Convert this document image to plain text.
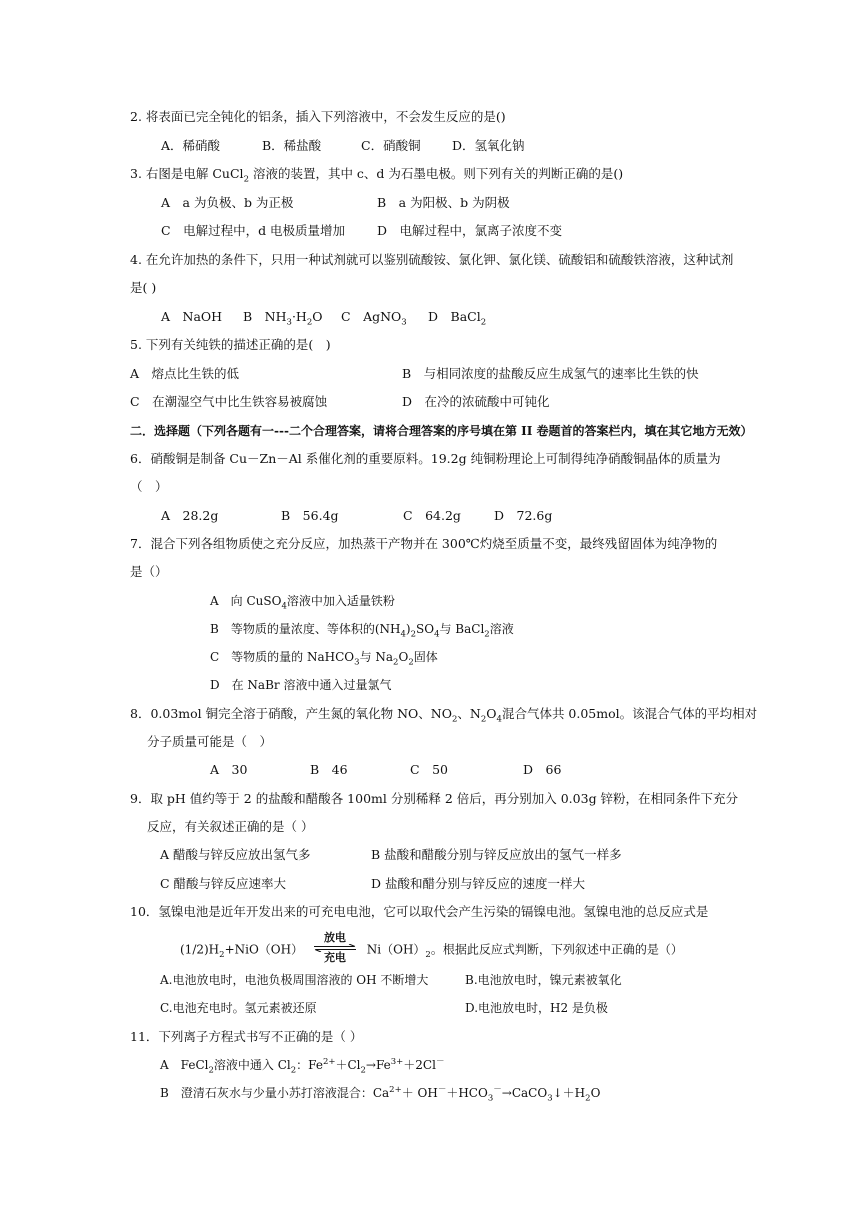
2. 将表面已完全钝化的铝条，插入下列溶液中，不会发生反应的是()
A．稀硝酸	B．稀盐酸	C．硝酸铜	D．氢氧化钠
3. 右图是电解 CuCl$_2$ 溶液的装置，其中 c、d 为石墨电极。则下列有关的判断正确的是()
A　a 为负极、b 为正极	B　a 为阳极、b 为阴极
C　电解过程中，d 电极质量增加	D　电解过程中，氯离子浓度不变
4. 在允许加热的条件下，只用一种试剂就可以鉴别硫酸铵、氯化钾、氯化镁、硫酸铝和硫酸铁溶液，这种试剂
是( )
A　NaOH B　$NH_3\cdot H_2O$ C　AgNO$_3$ D　BaCl$_2$
5. 下列有关纯铁的描述正确的是(　)
A　熔点比生铁的低	B　与相同浓度的盐酸反应生成氢气的速率比生铁的快
C　在潮湿空气中比生铁容易被腐蚀	D　在冷的浓硫酸中可钝化
二．选择题（下列各题有一---二个合理答案，请将合理答案的序号填在第 II 卷题首的答案栏内，填在其它地方无效）
6．硝酸铜是制备 Cu－Zn－Al 系催化剂的重要原料。19.2g 纯铜粉理论上可制得纯净硝酸铜晶体的质量为
（　）
A　28.2g	B　56.4g	C　64.2g	D　72.6g
7．混合下列各组物质使之充分反应，加热蒸干产物并在 300℃灼烧至质量不变，最终残留固体为纯净物的
是（）
A　向 CuSO$_4$溶液中加入适量铁粉
B　等物质的量浓度、等体积的$(NH_4)_2SO_4$与 BaCl$_2$溶液
C　等物质的量的 NaHCO$_3$与 $Na_2O_2$固体
D　在 NaBr 溶液中通入过量氯气
8．0.03mol 铜完全溶于硝酸，产生氮的氧化物 NO、$NO_2$、$N_2O_4$混合气体共 0.05mol。该混合气体的平均相对
分子质量可能是（　）
A　30	B　46	C　50	D　66
9．取 pH 值约等于 2 的盐酸和醋酸各 100ml 分别稀释 2 倍后，再分别加入 0.03g 锌粉，在相同条件下充分
反应，有关叙述正确的是（ ）
A 醋酸与锌反应放出氢气多	B 盐酸和醋酸分别与锌反应放出的氢气一样多
C 醋酸与锌反应速率大	D 盐酸和醋分别与锌反应的速度一样大
10．氢镍电池是近年开发出来的可充电电池，它可以取代会产生污染的镉镍电池。氢镍电池的总反应式是
$(1/2)H_2+NiO(OH)$
放电
充电
$Ni(OH)_2$。根据此反应式判断，下列叙述中正确的是（）
A.电池放电时，电池负极周围溶液的 OH 不断增大	B.电池放电时，镍元素被氧化
C.电池充电时。氢元素被还原	D.电池放电时，H2 是负极
11．下列离子方程式书写不正确的是（ ）
A　FeCl$_2$溶液中通入 $Cl_2$：$Fe^{2+}+Cl_2\to Fe^{3+}+2Cl^-$
B　澄清石灰水与少量小苏打溶液混合：$Ca^{2+}+$ $OH^-+HCO_3^-\to CaCO_3↓+H_2O$
